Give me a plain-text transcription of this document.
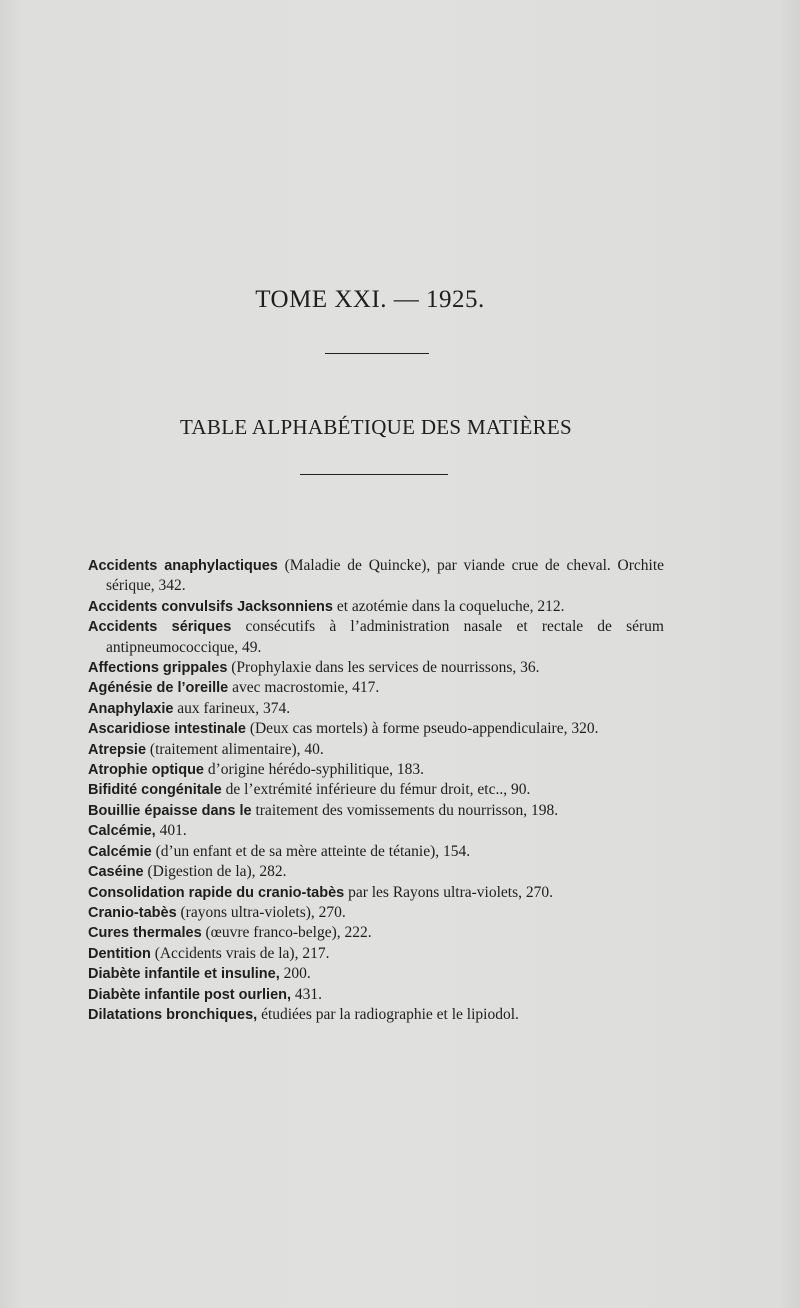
TOME XXI. — 1925.
TABLE ALPHABÉTIQUE DES MATIÈRES

Accidents anaphylactiques (Maladie de Quincke), par viande crue de cheval. Orchite sérique, 342.

Accidents convulsifs Jacksonniens et azotémie dans la coqueluche, 212.

Accidents sériques consécutifs à l’administration nasale et rectale de sérum antipneumococcique, 49.

Affections grippales (Prophylaxie dans les services de nourrissons, 36.

Agénésie de l’oreille avec macrostomie, 417.

Anaphylaxie aux farineux, 374.

Ascaridiose intestinale (Deux cas mortels) à forme pseudo-appendiculaire, 320.

Atrepsie (traitement alimentaire), 40.

Atrophie optique d’origine hérédo-syphilitique, 183.

Bifidité congénitale de l’extrémité inférieure du fémur droit, etc.., 90.

Bouillie épaisse dans le traitement des vomissements du nourrisson, 198.

Calcémie, 401.

Calcémie (d’un enfant et de sa mère atteinte de tétanie), 154.

Caséine (Digestion de la), 282.

Consolidation rapide du cranio-tabès par les Rayons ultra-violets, 270.

Cranio-tabès (rayons ultra-violets), 270.

Cures thermales (œuvre franco-belge), 222.

Dentition (Accidents vrais de la), 217.

Diabète infantile et insuline, 200.

Diabète infantile post ourlien, 431.

Dilatations bronchiques, étudiées par la radiographie et le lipiodol.
